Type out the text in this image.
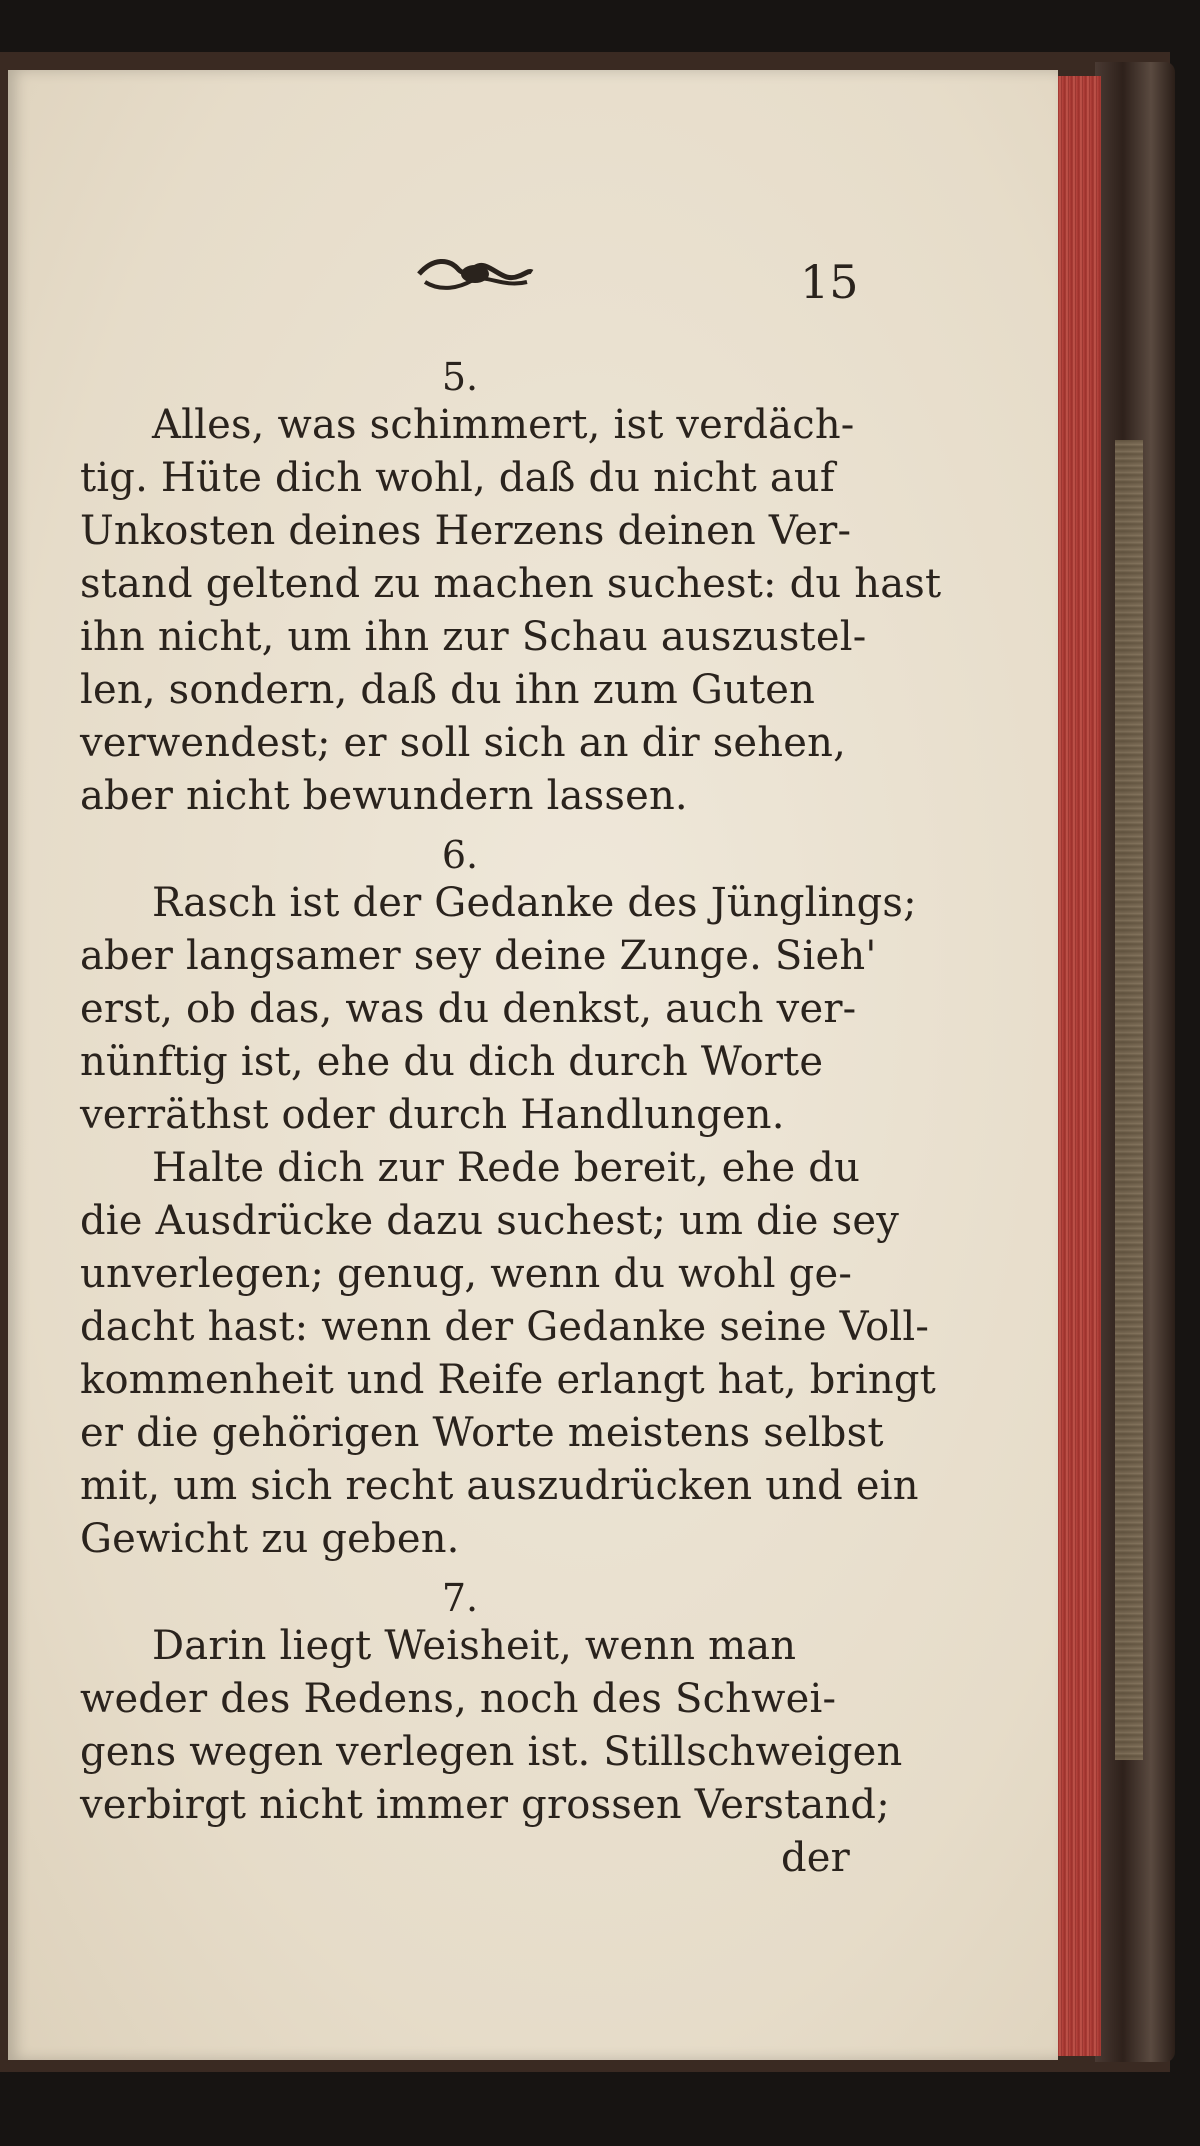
15
5.
Alles, was schimmert, ist verdäch-
tig. Hüte dich wohl, daß du nicht auf
Unkosten deines Herzens deinen Ver-
stand geltend zu machen suchest: du hast
ihn nicht, um ihn zur Schau auszustel-
len, sondern, daß du ihn zum Guten
verwendest; er soll sich an dir sehen,
aber nicht bewundern lassen.
6.
Rasch ist der Gedanke des Jünglings;
aber langsamer sey deine Zunge. Sieh'
erst, ob das, was du denkst, auch ver-
nünftig ist, ehe du dich durch Worte
verräthst oder durch Handlungen.
Halte dich zur Rede bereit, ehe du
die Ausdrücke dazu suchest; um die sey
unverlegen; genug, wenn du wohl ge-
dacht hast: wenn der Gedanke seine Voll-
kommenheit und Reife erlangt hat, bringt
er die gehörigen Worte meistens selbst
mit, um sich recht auszudrücken und ein
Gewicht zu geben.
7.
Darin liegt Weisheit, wenn man
weder des Redens, noch des Schwei-
gens wegen verlegen ist. Stillschweigen
verbirgt nicht immer grossen Verstand;
der
